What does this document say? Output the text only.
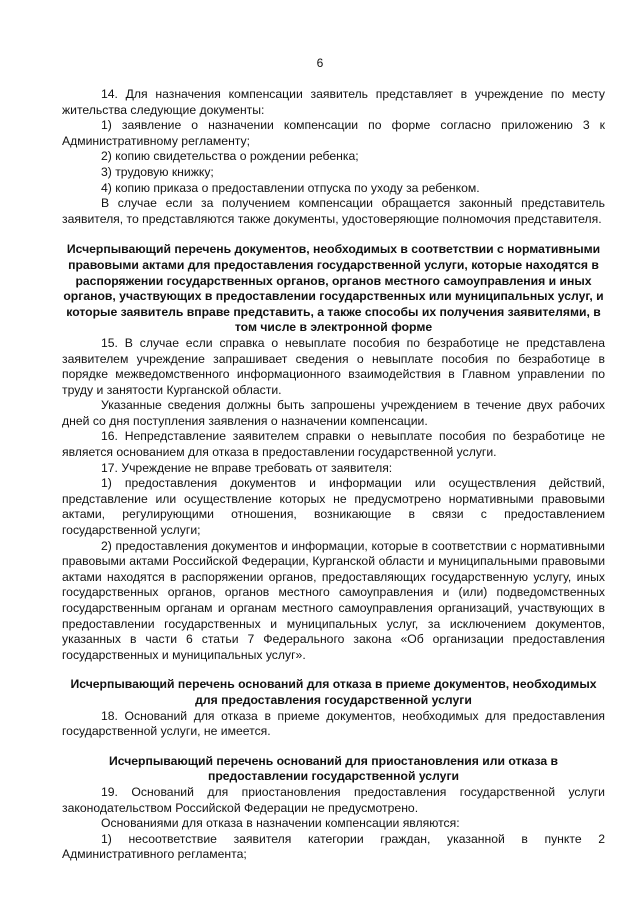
6

14. Для назначения компенсации заявитель представляет в учреждение по месту жительства следующие документы:

1) заявление о назначении компенсации по форме согласно приложению 3 к Административному регламенту;

2) копию свидетельства о рождении ребенка;

3) трудовую книжку;

4) копию приказа о предоставлении отпуска по уходу за ребенком.

В случае если за получением компенсации обращается законный представитель заявителя, то представляются также документы, удостоверяющие полномочия представителя.

Исчерпывающий перечень документов, необходимых в соответствии с нормативными правовыми актами для предоставления государственной услуги, которые находятся в распоряжении государственных органов, органов местного самоуправления и иных органов, участвующих в предоставлении государственных или муниципальных услуг, и которые заявитель вправе представить, а также способы их получения заявителями, в том числе в электронной форме

15. В случае если справка о невыплате пособия по безработице не представлена заявителем учреждение запрашивает сведения о невыплате пособия по безработице в порядке межведомственного информационного взаимодействия в Главном управлении по труду и занятости Курганской области.

Указанные сведения должны быть запрошены учреждением в течение двух рабочих дней со дня поступления заявления о назначении компенсации.

16. Непредставление заявителем справки о невыплате пособия по безработице не является основанием для отказа в предоставлении государственной услуги.

17. Учреждение не вправе требовать от заявителя:

1) предоставления документов и информации или осуществления действий, представление или осуществление которых не предусмотрено нормативными правовыми актами, регулирующими отношения, возникающие в связи с предоставлением государственной услуги;

2) предоставления документов и информации, которые в соответствии с нормативными правовыми актами Российской Федерации, Курганской области и муниципальными правовыми актами находятся в распоряжении органов, предоставляющих государственную услугу, иных государственных органов, органов местного самоуправления и (или) подведомственных государственным органам и органам местного самоуправления организаций, участвующих в предоставлении государственных и муниципальных услуг, за исключением документов, указанных в части 6 статьи 7 Федерального закона «Об организации предоставления государственных и муниципальных услуг».

Исчерпывающий перечень оснований для отказа в приеме документов, необходимых для предоставления государственной услуги

18. Оснований для отказа в приеме документов, необходимых для предоставления государственной услуги, не имеется.

Исчерпывающий перечень оснований для приостановления или отказа в предоставлении государственной услуги

19. Оснований для приостановления предоставления государственной услуги законодательством Российской Федерации не предусмотрено.

Основаниями для отказа в назначении компенсации являются:

1) несоответствие заявителя категории граждан, указанной в пункте 2 Административного регламента;
